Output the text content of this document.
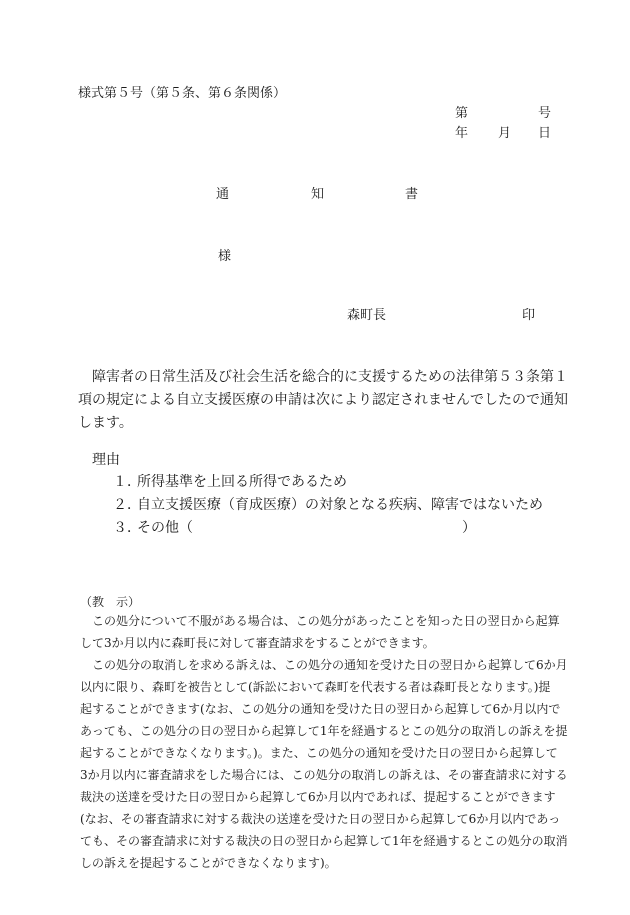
様式第５号（第５条、第６条関係）
第	号
年 月 日
通	知	書
様
森町長	印
　障害者の日常生活及び社会生活を総合的に支援するための法律第５３条第１
項の規定による自立支援医療の申請は次により認定されませんでしたので通知
します。
理由
１．所得基準を上回る所得であるため
２．自立支援医療（育成医療）の対象となる疾病、障害ではないため
３．その他（	）
（教　示）
　この処分について不服がある場合は、この処分があったことを知った日の翌日から起算
して3か月以内に森町長に対して審査請求をすることができます。
　この処分の取消しを求める訴えは、この処分の通知を受けた日の翌日から起算して6か月
以内に限り、森町を被告として(訴訟において森町を代表する者は森町長となります。)提
起することができます(なお、この処分の通知を受けた日の翌日から起算して6か月以内で
あっても、この処分の日の翌日から起算して1年を経過するとこの処分の取消しの訴えを提
起することができなくなります。)。また、この処分の通知を受けた日の翌日から起算して
3か月以内に審査請求をした場合には、この処分の取消しの訴えは、その審査請求に対する
裁決の送達を受けた日の翌日から起算して6か月以内であれば、提起することができます
(なお、その審査請求に対する裁決の送達を受けた日の翌日から起算して6か月以内であっ
ても、その審査請求に対する裁決の日の翌日から起算して1年を経過するとこの処分の取消
しの訴えを提起することができなくなります)。
